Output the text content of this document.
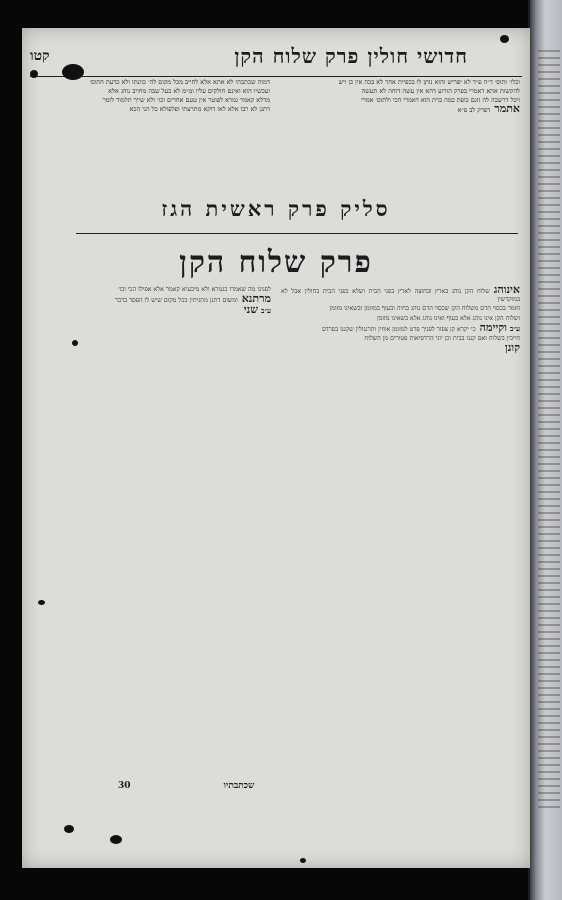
חדושי חולין פרק שלוח הקן
קטו

וכלו׳ ותוס׳ ד״ה פ״ד לא יפריש והוא נותן לו בכפיית אחר לא בכה אין כן ויש

להקשות אהא דאמרי בפרק הזרוע דהא אין עשה דוחה לא תעשה

ויכל דרשבה לה זוגם כופת כמה ברת הוא דאמרי הכי ולתוס׳ אמרי

אתמרדפרק לב פ״א

דמזה שכתבתי לא אתא אלא לחייב מכל מקום לה׳ כוונתו ולא כדעת התוס׳

ועכשיו הוא ואינם חולקים עליו ומ״מ לא בעל שבה מחויב נוהג אלא

מדלא קאמר גמרא לפוטר אין טעם אחרים וכו׳ ולא שייך תלמוד לומר

דתנן לא רבו אלא לאו דוקא מתרצתי ופלפולא כל הני הכא

סליק פרק ראשית הגז
פרק שלוח הקן

אינוהגשלוח הקן נוהג בארץ ובחוצה לארץ בפני הבית ושלא בפני הבית בחולין אבל לא במוקדשין

חומר בכסוי הדם משלוח הקן שכסוי הדם נוהג בחיה ובעוף במזומן ובשאינו מזומן

ושלוח הקן אינו נוהג אלא בעוף ואינו נוהג אלא בשאינו מזומן

ע״בוקיימהכי יקרא קן צפור לפניך פרט למזומן אווזין ותרנגולין שקננו בפרדס

חייבין בשלוח ואם קננו בבית וכן יוני הרדסיאות פטורים מן השלוח

קונן

לפנינו מה שאמרו בגמרא ולא מיבעיא קאמר אלא אפילו הכי וכו׳

מרתנאומשום דתנן מתניתין בכל מקום שיש לו הפסד בדבר

ע״בשני

30	שכתבתיו
